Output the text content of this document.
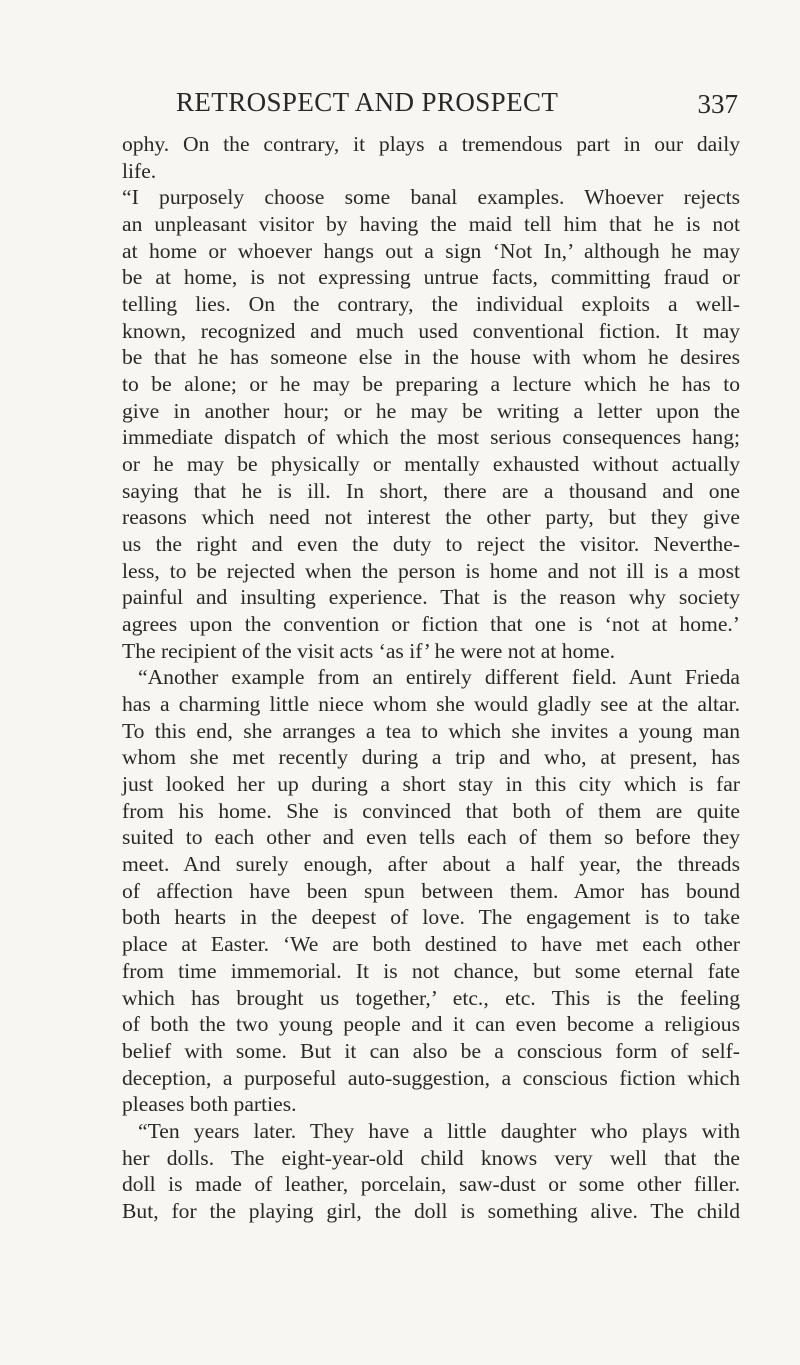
RETROSPECT AND PROSPECT	337
ophy. On the contrary, it plays a tremendous part in our daily
life.
“I purposely choose some banal examples. Whoever rejects
an unpleasant visitor by having the maid tell him that he is not
at home or whoever hangs out a sign ‘Not In,’ although he may
be at home, is not expressing untrue facts, committing fraud or
telling lies. On the contrary, the individual exploits a well-
known, recognized and much used conventional fiction. It may
be that he has someone else in the house with whom he desires
to be alone; or he may be preparing a lecture which he has to
give in another hour; or he may be writing a letter upon the
immediate dispatch of which the most serious consequences hang;
or he may be physically or mentally exhausted without actually
saying that he is ill. In short, there are a thousand and one
reasons which need not interest the other party, but they give
us the right and even the duty to reject the visitor. Neverthe-
less, to be rejected when the person is home and not ill is a most
painful and insulting experience. That is the reason why society
agrees upon the convention or fiction that one is ‘not at home.’
The recipient of the visit acts ‘as if’ he were not at home.
“Another example from an entirely different field. Aunt Frieda
has a charming little niece whom she would gladly see at the altar.
To this end, she arranges a tea to which she invites a young man
whom she met recently during a trip and who, at present, has
just looked her up during a short stay in this city which is far
from his home. She is convinced that both of them are quite
suited to each other and even tells each of them so before they
meet. And surely enough, after about a half year, the threads
of affection have been spun between them. Amor has bound
both hearts in the deepest of love. The engagement is to take
place at Easter. ‘We are both destined to have met each other
from time immemorial. It is not chance, but some eternal fate
which has brought us together,’ etc., etc. This is the feeling
of both the two young people and it can even become a religious
belief with some. But it can also be a conscious form of self-
deception, a purposeful auto-suggestion, a conscious fiction which
pleases both parties.
“Ten years later. They have a little daughter who plays with
her dolls. The eight-year-old child knows very well that the
doll is made of leather, porcelain, saw-dust or some other filler.
But, for the playing girl, the doll is something alive. The child
